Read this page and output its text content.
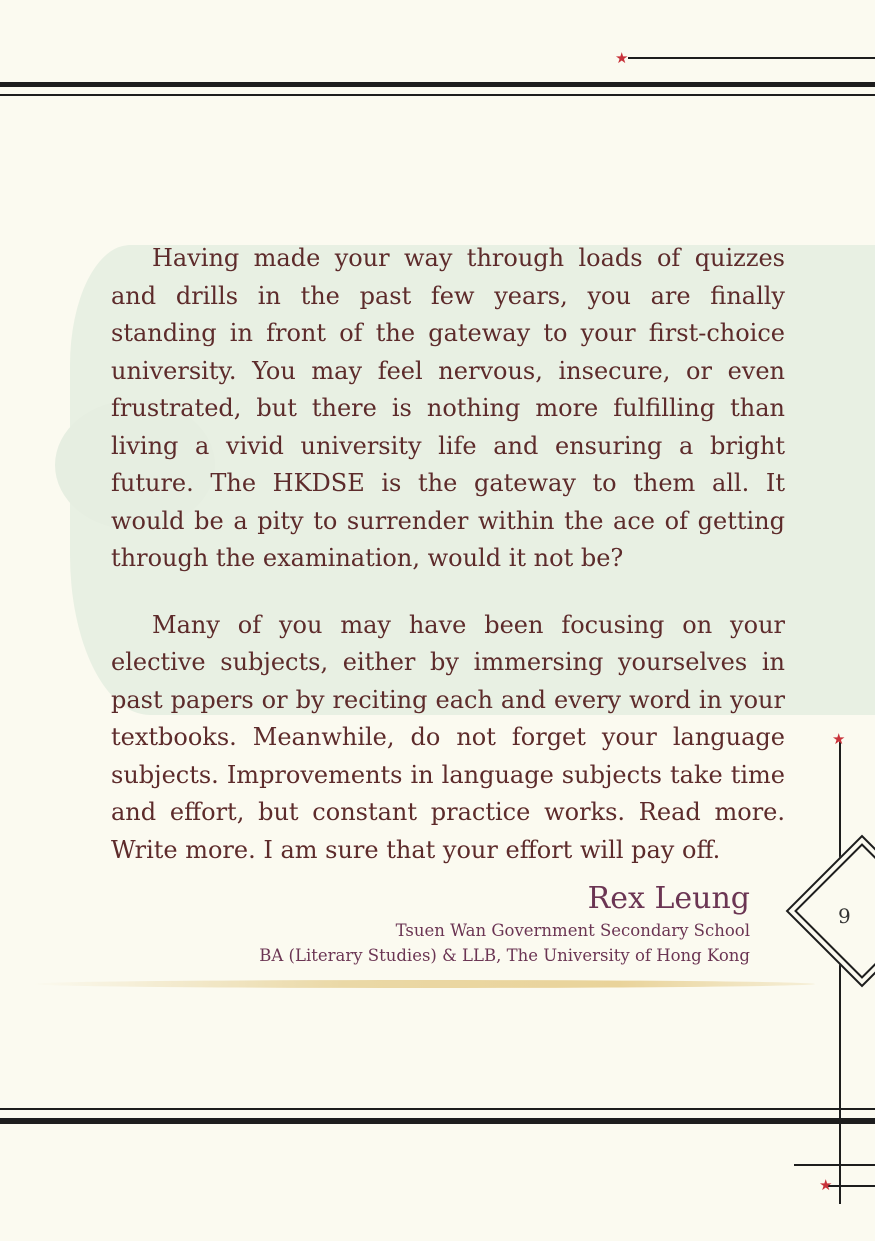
★
★
★

Having made your way through loads of quizzes and drills in the past few years, you are finally standing in front of the gateway to your first-choice university. You may feel nervous, insecure, or even frustrated, but there is nothing more fulfilling than living a vivid university life and ensuring a bright future. The HKDSE is the gateway to them all. It would be a pity to surrender within the ace of getting through the examination, would it not be?

Many of you may have been focusing on your elective subjects, either by immersing yourselves in past papers or by reciting each and every word in your textbooks. Meanwhile, do not forget your language subjects. Improvements in language subjects take time and effort, but constant practice works. Read more. Write more. I am sure that your effort will pay off.

Rex Leung
Tsuen Wan Government Secondary School
BA (Literary Studies) & LLB, The University of Hong Kong
9
